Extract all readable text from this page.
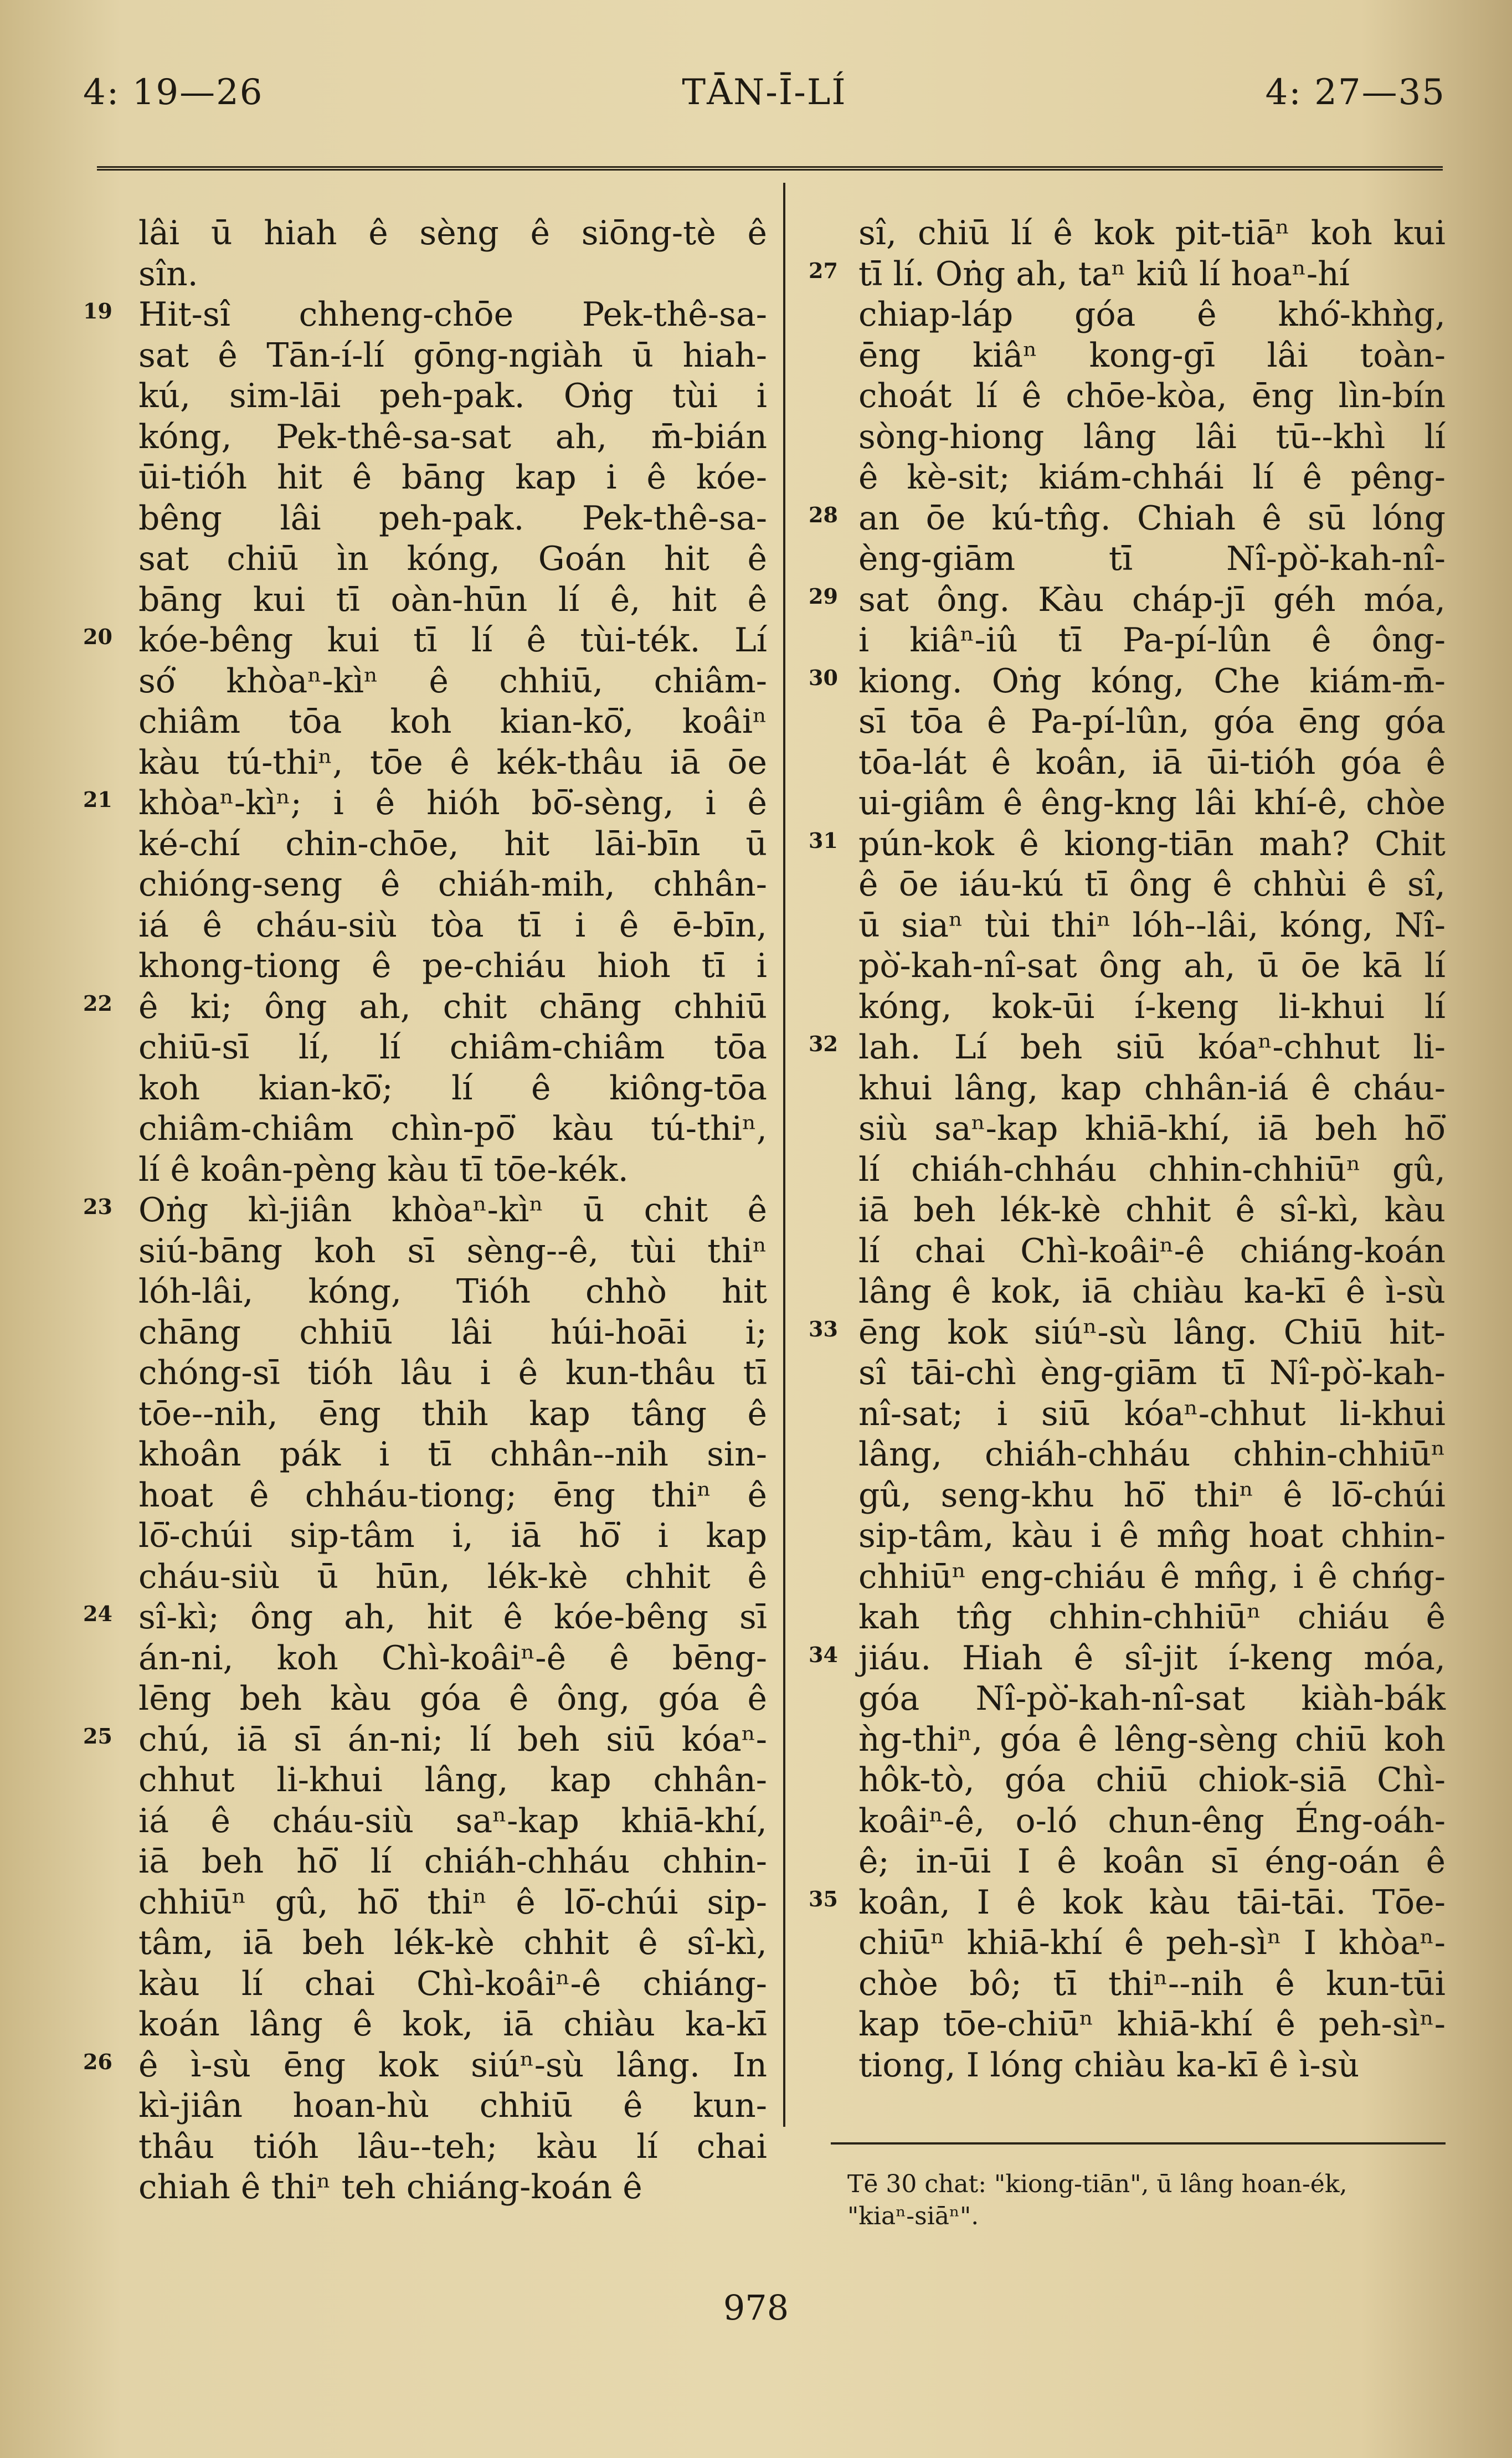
4: 19—26	TĀN-Ī-LÍ	4: 27—35
lâi ū hiah ê sèng ê siōng-tè ê
sîn.
19 Hit-sî chheng-chōe Pek-thê-sa-
sat ê Tān-í-lí gōng-ngiàh ū hiah-
kú, sim-lāi peh-pak. Oṅg tùi i
kóng, Pek-thê-sa-sat ah, m̄-bián
ūi-tióh hit ê bāng kap i ê kóe-
bêng lâi peh-pak. Pek-thê-sa-
sat chiū ìn kóng, Goán hit ê
bāng kui tī oàn-hūn lí ê, hit ê
20 kóe-bêng kui tī lí ê tùi-ték. Lí
só͘ khòaⁿ-kìⁿ ê chhiū, chiâm-
chiâm tōa koh kian-kō͘, koâiⁿ
kàu tú-thiⁿ, tōe ê kék-thâu iā ōe
21 khòaⁿ-kìⁿ; i ê hióh bō͘-sèng, i ê
ké-chí chin-chōe, hit lāi-bīn ū
chióng-seng ê chiáh-mih, chhân-
iá ê cháu-siù tòa tī i ê ē-bīn,
khong-tiong ê pe-chiáu hioh tī i
22 ê ki; ông ah, chit chāng chhiū
chiū-sī lí, lí chiâm-chiâm tōa
koh kian-kō͘; lí ê kiông-tōa
chiâm-chiâm chìn-pō͘ kàu tú-thiⁿ,
lí ê koân-pèng kàu tī tōe-kék.
23 Oṅg kì-jiân khòaⁿ-kìⁿ ū chit ê
siú-bāng koh sī sèng--ê, tùi thiⁿ
lóh-lâi, kóng, Tióh chhò hit
chāng chhiū lâi húi-hoāi i;
chóng-sī tióh lâu i ê kun-thâu tī
tōe--nih, ēng thih kap tâng ê
khoân pák i tī chhân--nih sin-
hoat ê chháu-tiong; ēng thiⁿ ê
lō͘-chúi sip-tâm i, iā hō͘ i kap
cháu-siù ū hūn, lék-kè chhit ê
24 sî-kì; ông ah, hit ê kóe-bêng sī
án-ni, koh Chì-koâiⁿ-ê ê bēng-
lēng beh kàu góa ê ông, góa ê
25 chú, iā sī án-ni; lí beh siū kóaⁿ-
chhut li-khui lâng, kap chhân-
iá ê cháu-siù saⁿ-kap khiā-khí,
iā beh hō͘ lí chiáh-chháu chhin-
chhiūⁿ gû, hō͘ thiⁿ ê lō͘-chúi sip-
tâm, iā beh lék-kè chhit ê sî-kì,
kàu lí chai Chì-koâiⁿ-ê chiáng-
koán lâng ê kok, iā chiàu ka-kī
26 ê ì-sù ēng kok siúⁿ-sù lâng. In
kì-jiân hoan-hù chhiū ê kun-
thâu tióh lâu--teh; kàu lí chai
chiah ê thiⁿ teh chiáng-koán ê
sî, chiū lí ê kok pit-tiāⁿ koh kui
27 tī lí. Oṅg ah, taⁿ kiû lí hoaⁿ-hí
chiap-láp góa ê khó͘-khǹg,
ēng kiâⁿ kong-gī lâi toàn-
choát lí ê chōe-kòa, ēng lìn-bín
sòng-hiong lâng lâi tū--khì lí
ê kè-sit; kiám-chhái lí ê pêng-
28 an ōe kú-tn̂g. Chiah ê sū lóng
èng-giām tī Nî-pò͘-kah-nî-
29 sat ông. Kàu cháp-jī géh móa,
i kiâⁿ-iû tī Pa-pí-lûn ê ông-
30 kiong. Oṅg kóng, Che kiám-m̄-
sī tōa ê Pa-pí-lûn, góa ēng góa
tōa-lát ê koân, iā ūi-tióh góa ê
ui-giâm ê êng-kng lâi khí-ê, chòe
31 pún-kok ê kiong-tiān mah? Chit
ê ōe iáu-kú tī ông ê chhùi ê sî,
ū siaⁿ tùi thiⁿ lóh--lâi, kóng, Nî-
pò͘-kah-nî-sat ông ah, ū ōe kā lí
kóng, kok-ūi í-keng li-khui lí
32 lah. Lí beh siū kóaⁿ-chhut li-
khui lâng, kap chhân-iá ê cháu-
siù saⁿ-kap khiā-khí, iā beh hō͘
lí chiáh-chháu chhin-chhiūⁿ gû,
iā beh lék-kè chhit ê sî-kì, kàu
lí chai Chì-koâiⁿ-ê chiáng-koán
lâng ê kok, iā chiàu ka-kī ê ì-sù
33 ēng kok siúⁿ-sù lâng. Chiū hit-
sî tāi-chì èng-giām tī Nî-pò͘-kah-
nî-sat; i siū kóaⁿ-chhut li-khui
lâng, chiáh-chháu chhin-chhiūⁿ
gû, seng-khu hō͘ thiⁿ ê lō͘-chúi
sip-tâm, kàu i ê mn̂g hoat chhin-
chhiūⁿ eng-chiáu ê mn̂g, i ê chńg-
kah tn̂g chhin-chhiūⁿ chiáu ê
34 jiáu. Hiah ê sî-jit í-keng móa,
góa Nî-pò͘-kah-nî-sat kiàh-bák
ǹg-thiⁿ, góa ê lêng-sèng chiū koh
hôk-tò, góa chiū chiok-siā Chì-
koâiⁿ-ê, o-ló chun-êng Éng-oáh-
ê; in-ūi I ê koân sī éng-oán ê
35 koân, I ê kok kàu tāi-tāi. Tōe-
chiūⁿ khiā-khí ê peh-sìⁿ I khòaⁿ-
chòe bô; tī thiⁿ--nih ê kun-tūi
kap tōe-chiūⁿ khiā-khí ê peh-sìⁿ-
tiong, I lóng chiàu ka-kī ê ì-sù
Tē 30 chat: "kiong-tiān", ū lâng hoan-ék,
"kiaⁿ-siāⁿ".
978
